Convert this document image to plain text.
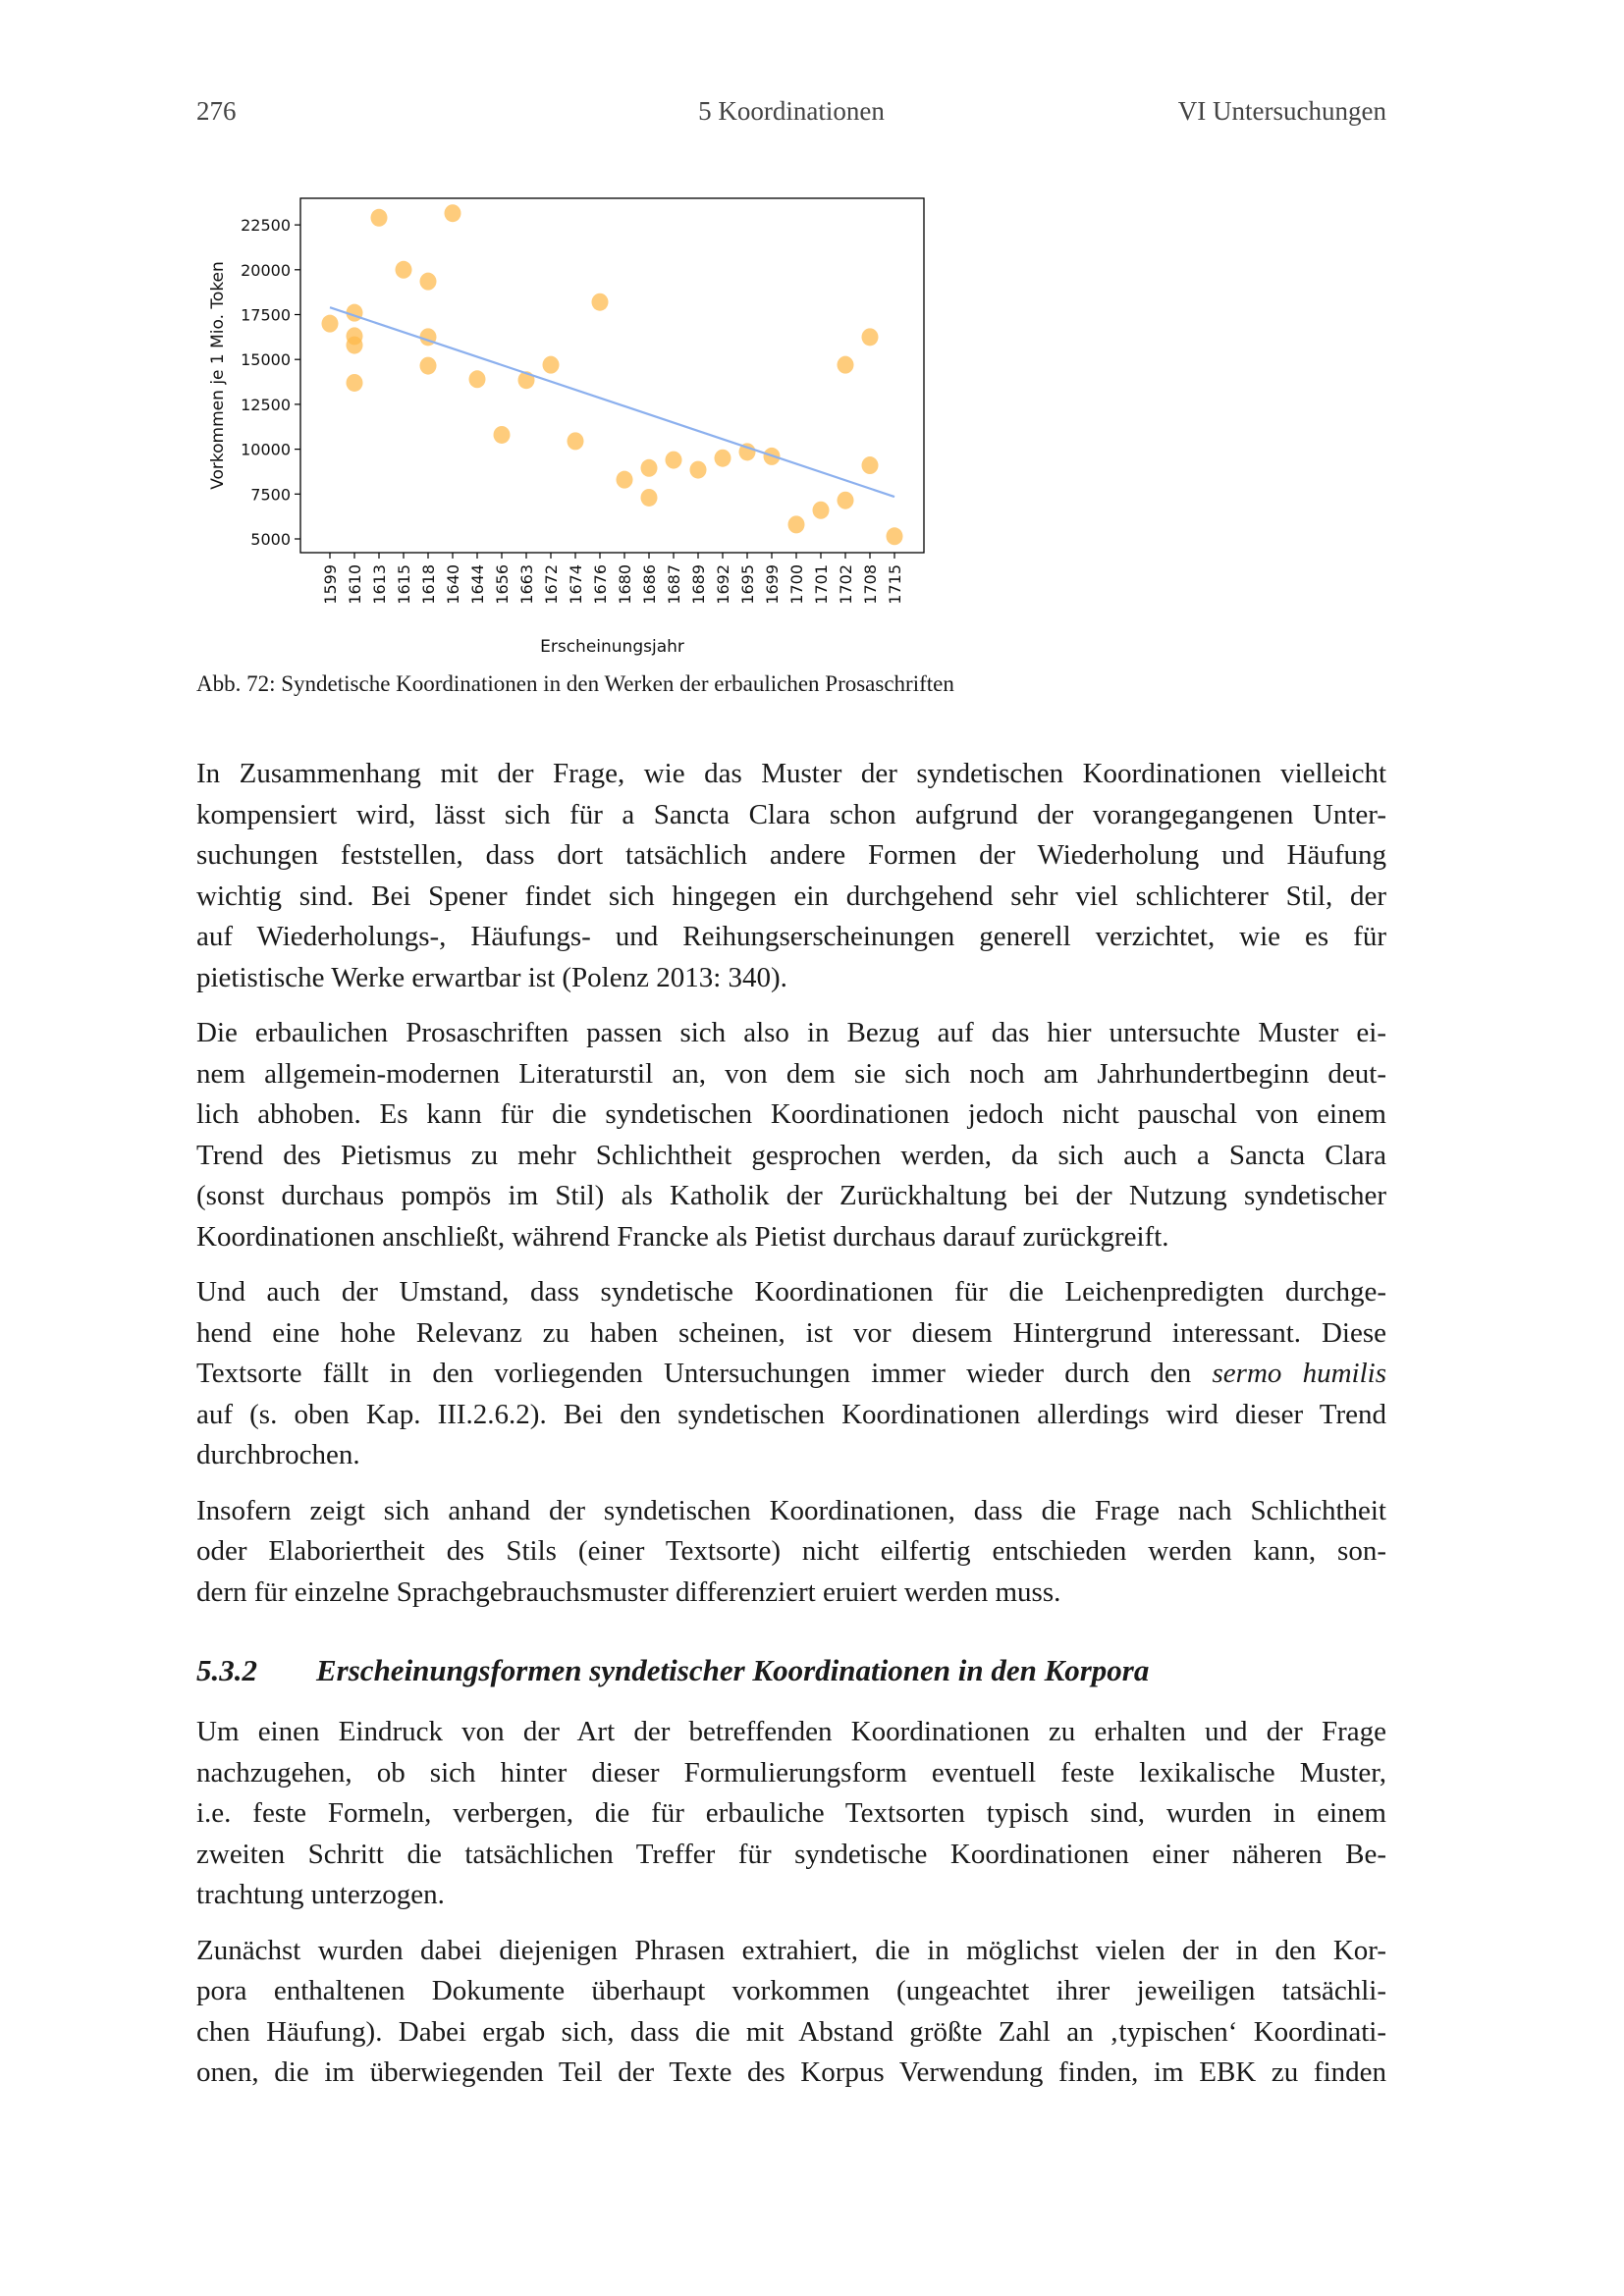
276	5 Koordinationen	VI Untersuchungen
5000
7500
10000
12500
15000
17500
20000
22500
1599 1610 1613 1615 1618 1640 1644 1656 1663 1672 1674 1676 1680 1686 1687 1689 1692 1695 1699 1700 1701 1702 1708 1715
Erscheinungsjahr
Vorkommen je 1 Mio. Token
Abb. 72: Syndetische Koordinationen in den Werken der erbaulichen Prosaschriften

In Zusammenhang mit der Frage, wie das Muster der syndetischen Koordinationen vielleicht
kompensiert wird, lässt sich für a Sancta Clara schon aufgrund der vorangegangenen Unter-
suchungen feststellen, dass dort tatsächlich andere Formen der Wiederholung und Häufung
wichtig sind. Bei Spener findet sich hingegen ein durchgehend sehr viel schlichterer Stil, der
auf Wiederholungs-, Häufungs- und Reihungserscheinungen generell verzichtet, wie es für
pietistische Werke erwartbar ist (Polenz 2013: 340).

Die erbaulichen Prosaschriften passen sich also in Bezug auf das hier untersuchte Muster ei-
nem allgemein-modernen Literaturstil an, von dem sie sich noch am Jahrhundertbeginn deut-
lich abhoben. Es kann für die syndetischen Koordinationen jedoch nicht pauschal von einem
Trend des Pietismus zu mehr Schlichtheit gesprochen werden, da sich auch a Sancta Clara
(sonst durchaus pompös im Stil) als Katholik der Zurückhaltung bei der Nutzung syndetischer
Koordinationen anschließt, während Francke als Pietist durchaus darauf zurückgreift.

Und auch der Umstand, dass syndetische Koordinationen für die Leichenpredigten durchge-
hend eine hohe Relevanz zu haben scheinen, ist vor diesem Hintergrund interessant. Diese
Textsorte fällt in den vorliegenden Untersuchungen immer wieder durch den sermo humilis
auf (s. oben Kap. III.2.6.2). Bei den syndetischen Koordinationen allerdings wird dieser Trend
durchbrochen.

Insofern zeigt sich anhand der syndetischen Koordinationen, dass die Frage nach Schlichtheit
oder Elaboriertheit des Stils (einer Textsorte) nicht eilfertig entschieden werden kann, son-
dern für einzelne Sprachgebrauchsmuster differenziert eruiert werden muss.

5.3.2 Erscheinungsformen syndetischer Koordinationen in den Korpora

Um einen Eindruck von der Art der betreffenden Koordinationen zu erhalten und der Frage
nachzugehen, ob sich hinter dieser Formulierungsform eventuell feste lexikalische Muster,
i.e. feste Formeln, verbergen, die für erbauliche Textsorten typisch sind, wurden in einem
zweiten Schritt die tatsächlichen Treffer für syndetische Koordinationen einer näheren Be-
trachtung unterzogen.

Zunächst wurden dabei diejenigen Phrasen extrahiert, die in möglichst vielen der in den Kor-
pora enthaltenen Dokumente überhaupt vorkommen (ungeachtet ihrer jeweiligen tatsächli-
chen Häufung). Dabei ergab sich, dass die mit Abstand größte Zahl an ‚typischen‘ Koordinati-
onen, die im überwiegenden Teil der Texte des Korpus Verwendung finden, im EBK zu finden
